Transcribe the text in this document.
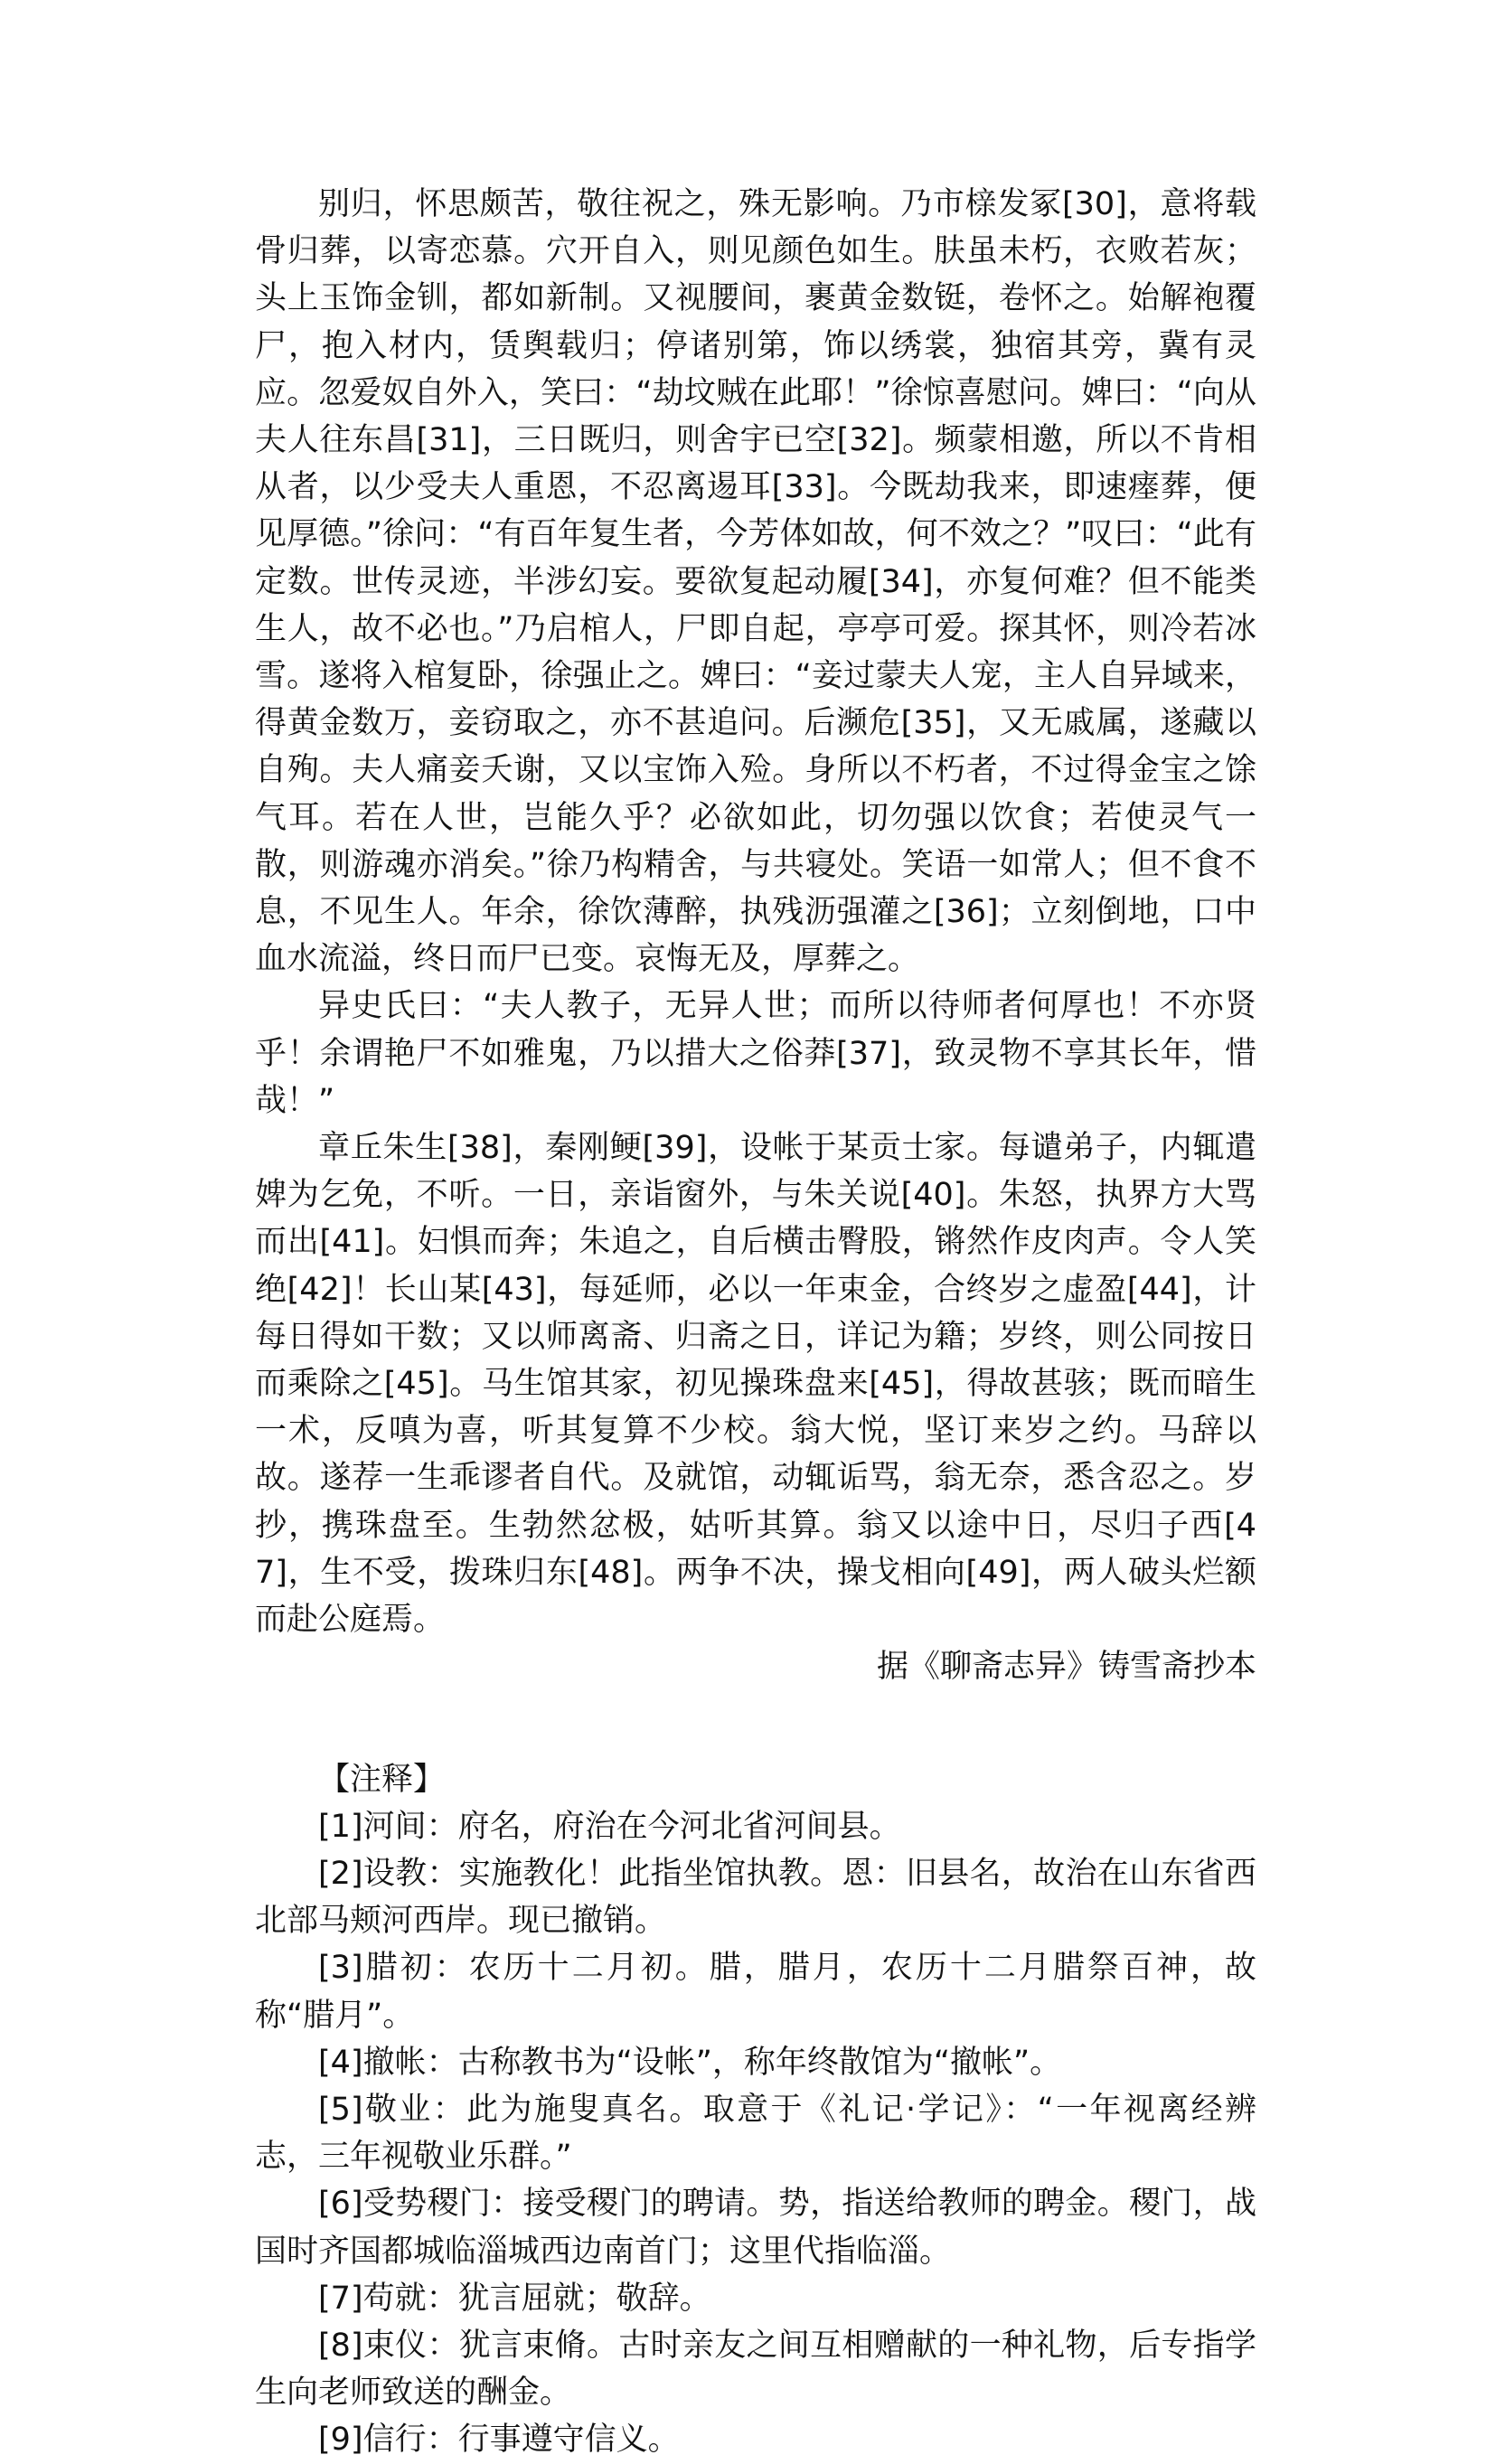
别归，怀思颇苦，敬往祝之，殊无影响。乃市榇发冢[30]，意将载骨归葬，以寄恋慕。穴开自入，则见颜色如生。肤虽未朽，衣败若灰；头上玉饰金钏，都如新制。又视腰间，裹黄金数铤，卷怀之。始解袍覆尸，抱入材内，赁舆载归；停诸别第，饰以绣裳，独宿其旁，冀有灵应。忽爱奴自外入，笑曰：“劫坟贼在此耶！”徐惊喜慰问。婢曰：“向从夫人往东昌[31]，三日既归，则舍宇已空[32]。频蒙相邀，所以不肯相从者，以少受夫人重恩，不忍离逷耳[33]。今既劫我来，即速瘗葬，便见厚德。”徐问：“有百年复生者，今芳体如故，何不效之？”叹曰：“此有定数。世传灵迹，半涉幻妄。要欲复起动履[34]，亦复何难？但不能类生人，故不必也。”乃启棺人，尸即自起，亭亭可爱。探其怀，则冷若冰雪。遂将入棺复卧，徐强止之。婢曰：“妾过蒙夫人宠，主人自异域来，得黄金数万，妾窃取之，亦不甚追问。后濒危[35]，又无戚属，遂藏以自殉。夫人痛妾夭谢，又以宝饰入殓。身所以不朽者，不过得金宝之馀气耳。若在人世，岂能久乎？必欲如此，切勿强以饮食；若使灵气一散，则游魂亦消矣。”徐乃构精舍，与共寝处。笑语一如常人；但不食不息，不见生人。年余，徐饮薄醉，执残沥强灌之[36]；立刻倒地，口中血水流溢，终日而尸已变。哀悔无及，厚葬之。

异史氏曰：“夫人教子，无异人世；而所以待师者何厚也！不亦贤乎！余谓艳尸不如雅鬼，乃以措大之俗莽[37]，致灵物不享其长年，惜哉！”

章丘朱生[38]，秦刚鲠[39]，设帐于某贡士家。每谴弟子，内辄遣婢为乞免，不听。一日，亲诣窗外，与朱关说[40]。朱怒，执界方大骂而出[41]。妇惧而奔；朱追之，自后横击臀股，锵然作皮肉声。令人笑绝[42]！长山某[43]，每延师，必以一年束金，合终岁之虚盈[44]，计每日得如干数；又以师离斋、归斋之日，详记为籍；岁终，则公同按日而乘除之[45]。马生馆其家，初见操珠盘来[45]，得故甚骇；既而暗生一术，反嗔为喜，听其复算不少校。翁大悦，坚订来岁之约。马辞以故。遂荐一生乖谬者自代。及就馆，动辄诟骂，翁无奈，悉含忍之。岁抄，携珠盘至。生勃然忿极，姑听其算。翁又以途中日，尽归子西[47]，生不受，拨珠归东[48]。两争不决，操戈相向[49]，两人破头烂额而赴公庭焉。

据《聊斋志异》铸雪斋抄本

【注释】

[1]河间：府名，府治在今河北省河间县。

[2]设教：实施教化！此指坐馆执教。恩：旧县名，故治在山东省西北部马颊河西岸。现已撤销。

[3]腊初：农历十二月初。腊，腊月，农历十二月腊祭百神，故称“腊月”。

[4]撤帐：古称教书为“设帐”，称年终散馆为“撤帐”。

[5]敬业：此为施叟真名。取意于《礼记·学记》：“一年视离经辨志，三年视敬业乐群。”

[6]受势稷门：接受稷门的聘请。势，指送给教师的聘金。稷门，战国时齐国都城临淄城西边南首门；这里代指临淄。

[7]苟就：犹言屈就；敬辞。

[8]束仪：犹言束脩。古时亲友之间互相赠献的一种礼物，后专指学生向老师致送的酬金。

[9]信行：行事遵守信义。
